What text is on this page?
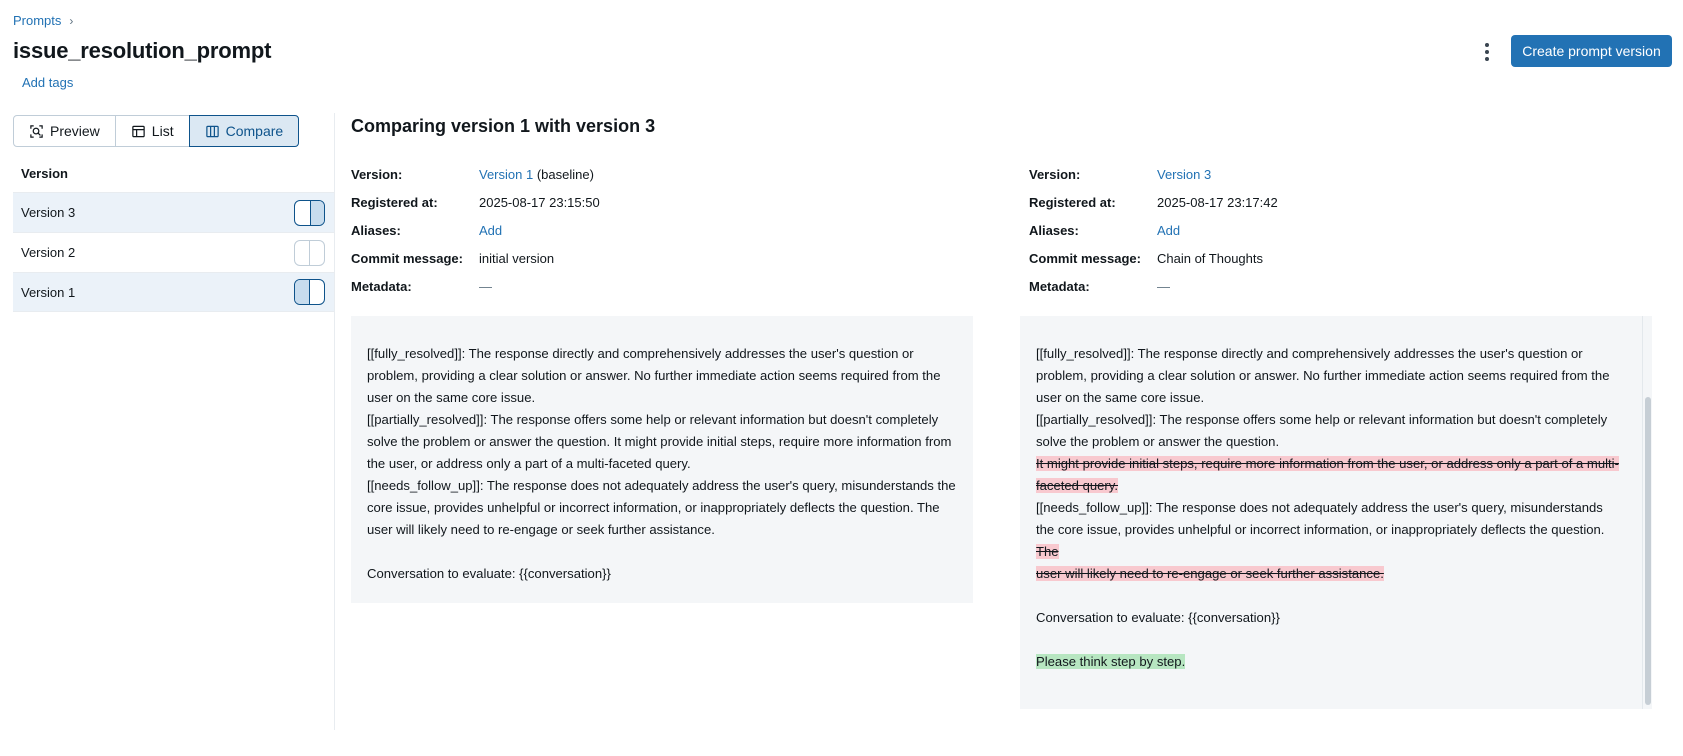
Prompts ›
issue_resolution_prompt
Add tags
Create prompt version
Preview	List	Compare
Version
Version 3
Version 2
Version 1
Comparing version 1 with version 3
Version:	Version 1 (baseline)
Registered at:	2025-08-17 23:15:50
Aliases:	Add
Commit message:	initial version
Metadata:	—
Version:	Version 3
Registered at:	2025-08-17 23:17:42
Aliases:	Add
Commit message:	Chain of Thoughts
Metadata:	—

[[fully_resolved]]: The response directly and comprehensively addresses the user's question or problem, providing a clear solution or answer. No further immediate action seems required from the user on the same core issue.

[[partially_resolved]]: The response offers some help or relevant information but doesn't completely solve the problem or answer the question. It might provide initial steps, require more information from the user, or address only a part of a multi-faceted query.

[[needs_follow_up]]: The response does not adequately address the user's query, misunderstands the core issue, provides unhelpful or incorrect information, or inappropriately deflects the question. The user will likely need to re-engage or seek further assistance.

Conversation to evaluate: {{conversation}}

[[fully_resolved]]: The response directly and comprehensively addresses the user's question or problem, providing a clear solution or answer. No further immediate action seems required from the user on the same core issue.

[[partially_resolved]]: The response offers some help or relevant information but doesn't completely solve the problem or answer the question.

It might provide initial steps, require more information from the user, or address only a part of a multi-faceted query.

[[needs_follow_up]]: The response does not adequately address the user's query, misunderstands the core issue, provides unhelpful or incorrect information, or inappropriately deflects the question.

The

user will likely need to re-engage or seek further assistance.

Conversation to evaluate: {{conversation}}

Please think step by step.
